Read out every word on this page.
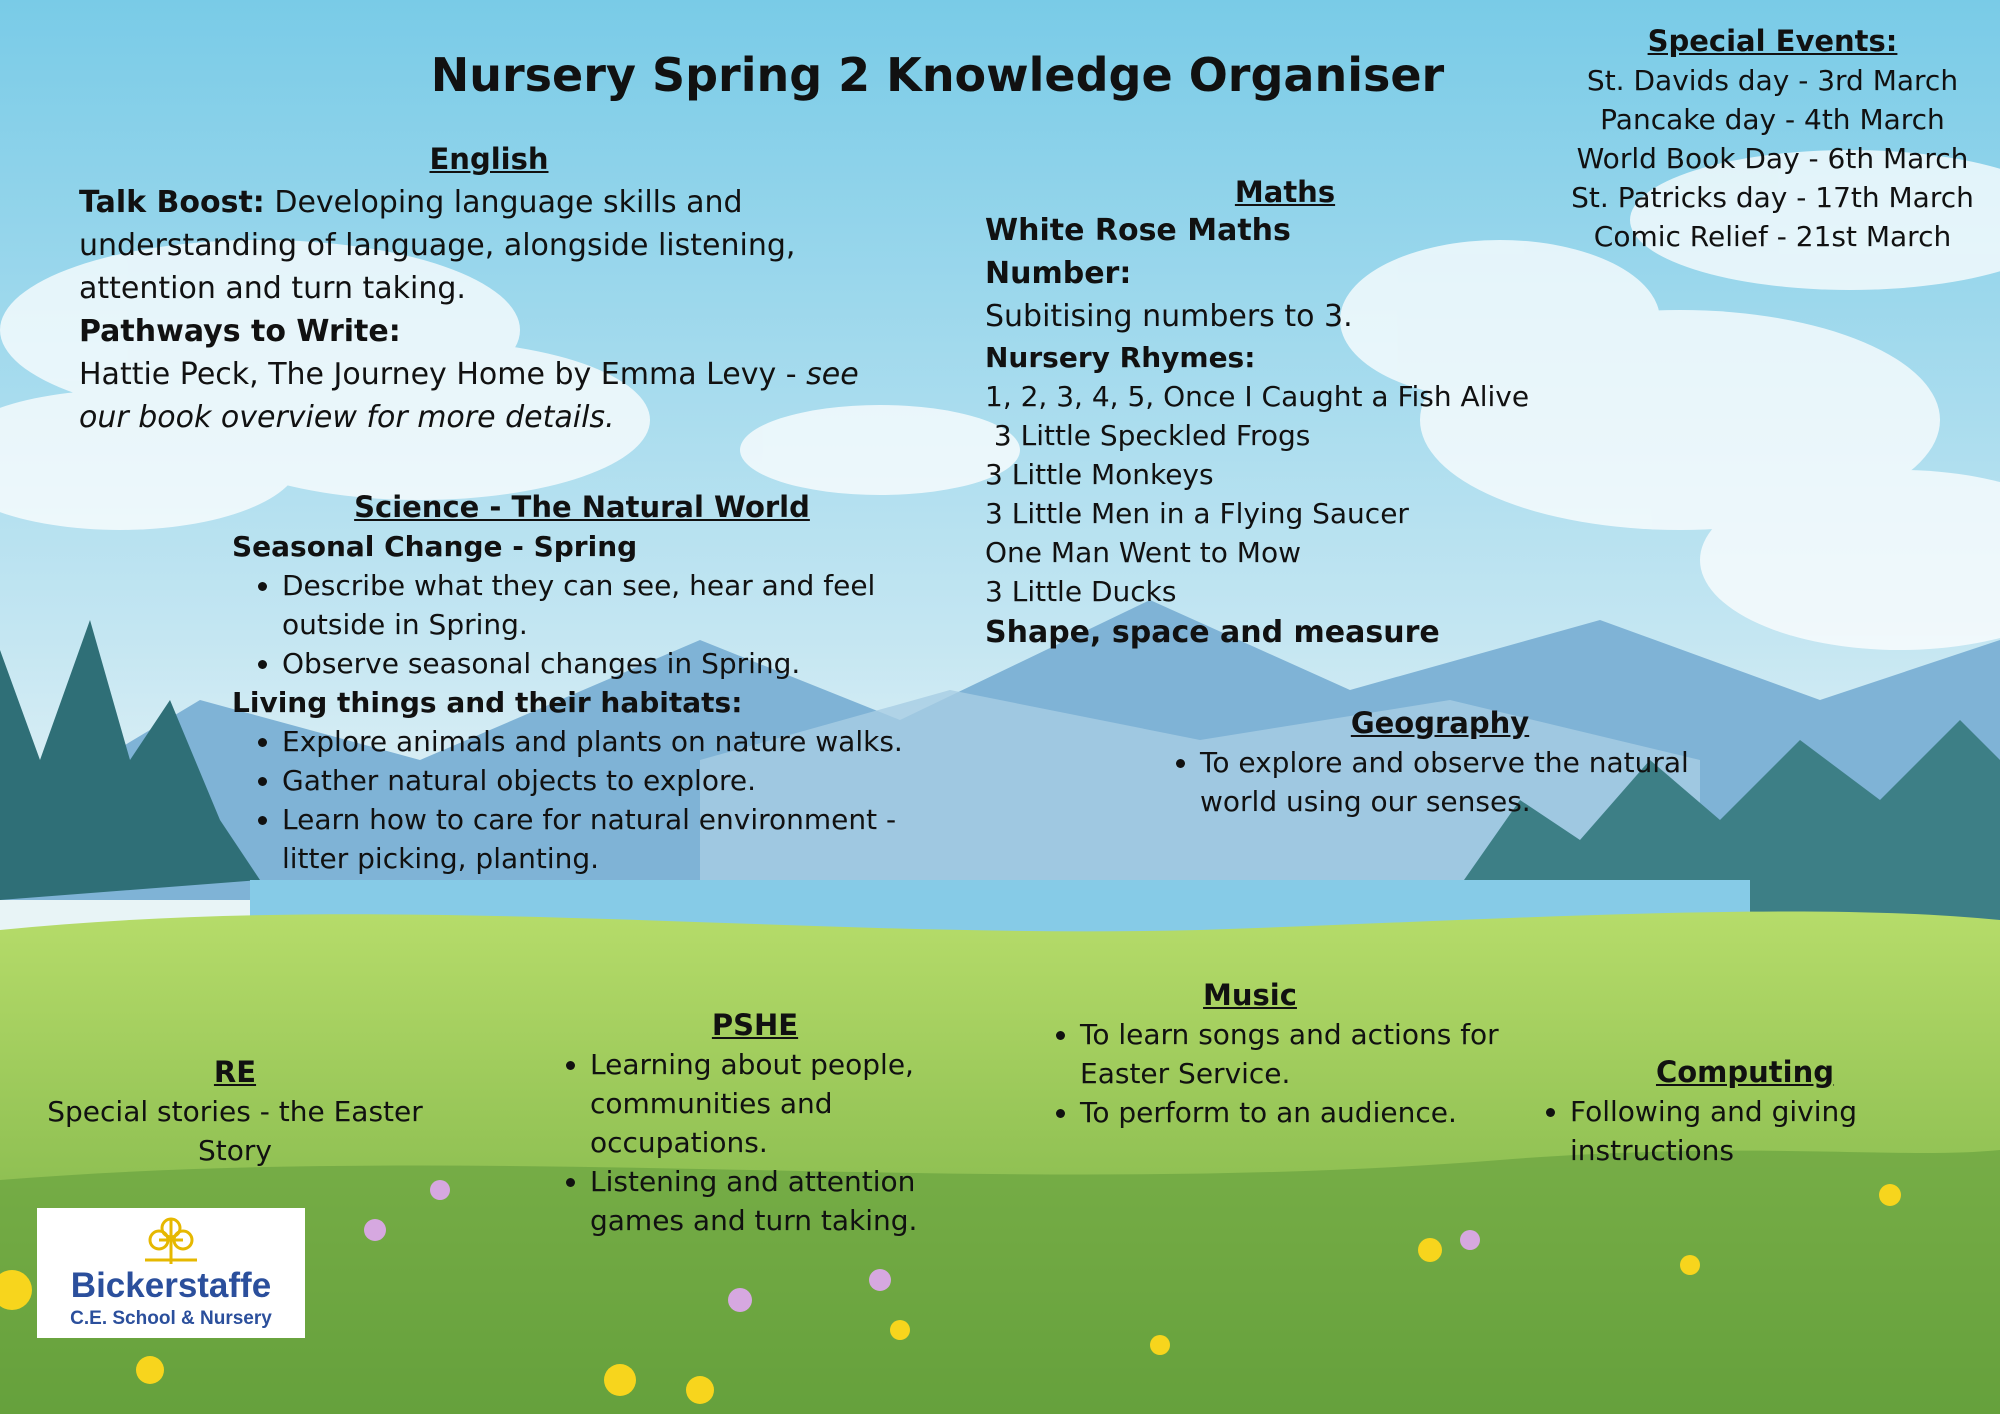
Nursery Spring 2 Knowledge Organiser
Special Events:
St. Davids day - 3rd March
Pancake day - 4th March
World Book Day - 6th March
St. Patricks day - 17th March
Comic Relief - 21st March
English
Talk Boost: Developing language skills and understanding of language, alongside listening, attention and turn taking.
Pathways to Write:
Hattie Peck, The Journey Home by Emma Levy - see our book overview for more details.
Maths
White Rose Maths
Number:
Subitising numbers to 3.
Nursery Rhymes:
1, 2, 3, 4, 5, Once I Caught a Fish Alive
3 Little Speckled Frogs
3 Little Monkeys
3 Little Men in a Flying Saucer
One Man Went to Mow
3 Little Ducks
Shape, space and measure
Science - The Natural World
Seasonal Change - Spring
• Describe what they can see, hear and feel outside in Spring.
• Observe seasonal changes in Spring.
Living things and their habitats:
• Explore animals and plants on nature walks.
• Gather natural objects to explore.
• Learn how to care for natural environment - litter picking, planting.
Geography
• To explore and observe the natural world using our senses.
Music
• To learn songs and actions for Easter Service.
• To perform to an audience.
PSHE
• Learning about people, communities and occupations.
• Listening and attention games and turn taking.
RE
Special stories - the Easter Story
Computing
• Following and giving instructions
Bickerstaffe
C.E. School & Nursery
